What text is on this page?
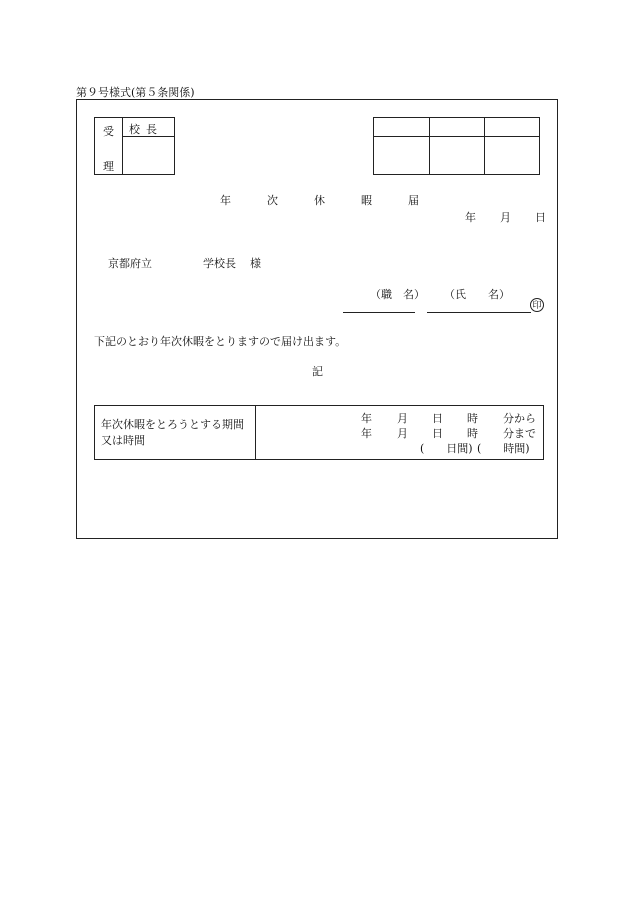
第９号様式(第５条関係)
受
理
校長
年	次	休	暇	届
年 月 日
京都府立	学校長 様
（職　名） （氏　　名）
印
下記のとおり年次休暇をとりますので届け出ます。
記
年次休暇をとろうとする期間又は時間
年 月 日 時 分から
年 月 日 時 分まで
(　　日間) (　　時間)
